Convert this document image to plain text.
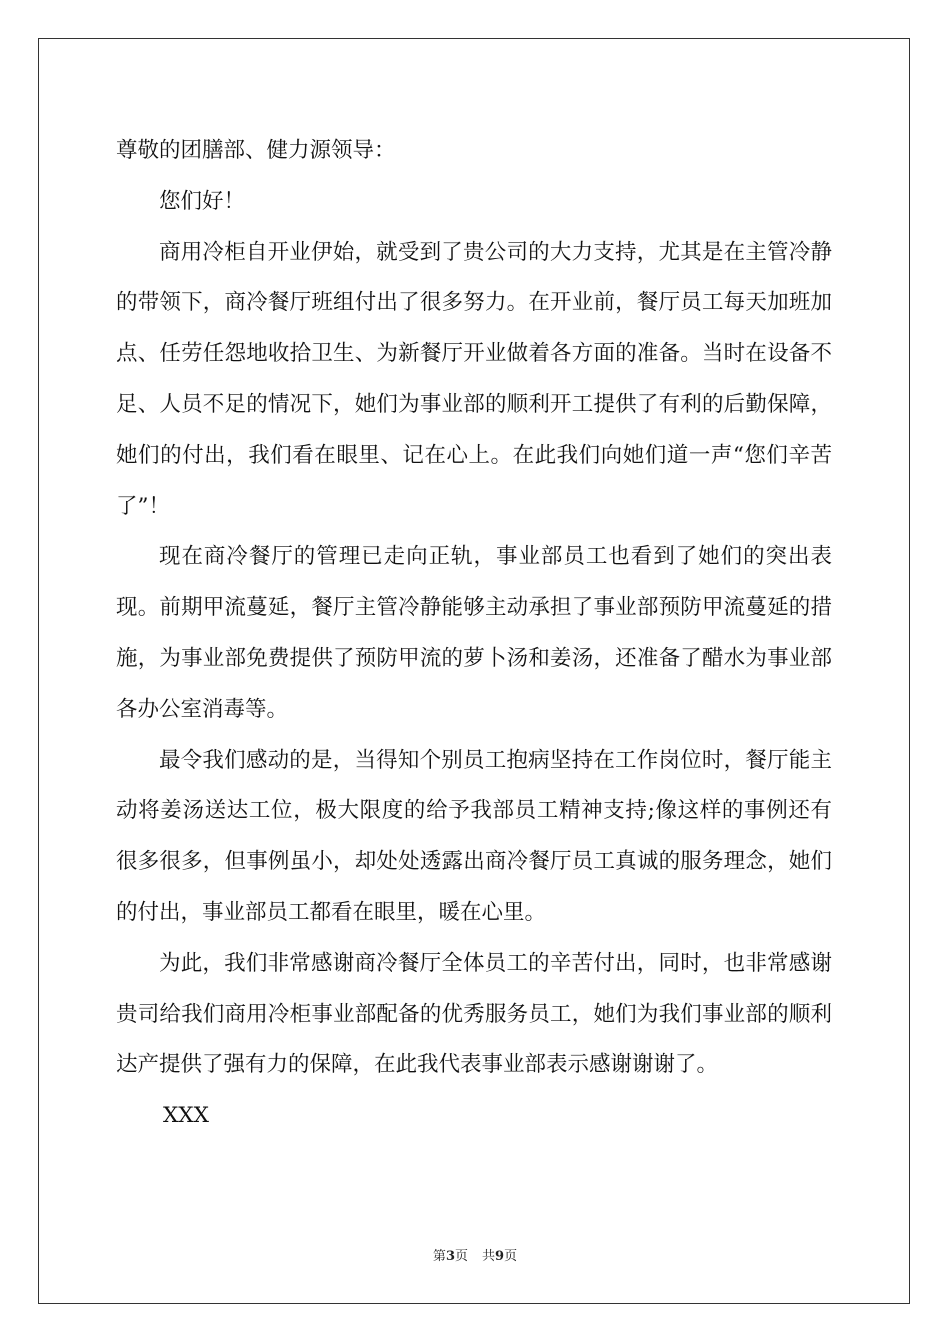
尊敬的团膳部、健力源领导：

您们好！

商用冷柜自开业伊始，就受到了贵公司的大力支持，尤其是在主管冷静的带领下，商冷餐厅班组付出了很多努力。在开业前，餐厅员工每天加班加点、任劳任怨地收拾卫生、为新餐厅开业做着各方面的准备。当时在设备不足、人员不足的情况下，她们为事业部的顺利开工提供了有利的后勤保障，她们的付出，我们看在眼里、记在心上。在此我们向她们道一声“您们辛苦了”！

现在商冷餐厅的管理已走向正轨，事业部员工也看到了她们的突出表现。前期甲流蔓延，餐厅主管冷静能够主动承担了事业部预防甲流蔓延的措施，为事业部免费提供了预防甲流的萝卜汤和姜汤，还准备了醋水为事业部各办公室消毒等。

最令我们感动的是，当得知个别员工抱病坚持在工作岗位时，餐厅能主动将姜汤送达工位，极大限度的给予我部员工精神支持;像这样的事例还有很多很多，但事例虽小，却处处透露出商冷餐厅员工真诚的服务理念，她们的付出，事业部员工都看在眼里，暖在心里。

为此，我们非常感谢商冷餐厅全体员工的辛苦付出，同时，也非常感谢贵司给我们商用冷柜事业部配备的优秀服务员工，她们为我们事业部的顺利达产提供了强有力的保障，在此我代表事业部表示感谢谢谢了。

XXX

第3页 共9页
